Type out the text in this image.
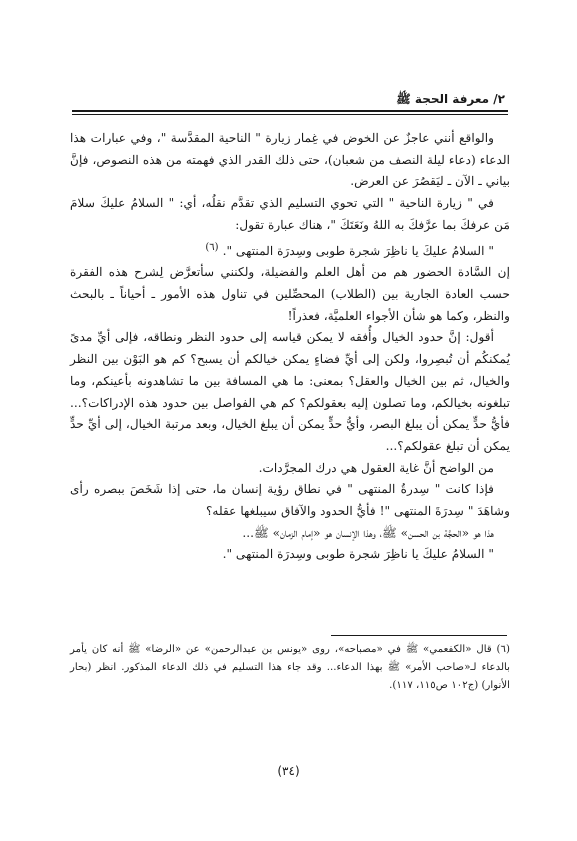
٢/ معرفة الحجة ﷺ

والواقع أنني عاجزٌ عن الخوض في غِمار زيارة " الناحية المقدَّسة "، وفي عبارات هذا الدعاء (دعاء ليلة النصف من شعبان)، حتى ذلك القدر الذي فهمته من هذه النصوص، فإنَّ بياني ـ الآن ـ ليَقصُرَ عن العرض.

في " زيارة الناحية " التي تحوي التسليم الذي تقدَّم نقلُه، أي: " السلامُ عليكَ سلامَ مَن عرفكَ بما عرَّفكَ به اللهُ ونَعَتَكَ "، هناك عبارة تقول:

" السلامُ عليكَ يا ناظِرَ شجرة طوبى وسِدرَة المنتهى ".$^{(٦)}$

إن السَّادة الحضور هم من أهل العلم والفضيلة، ولكنني سأتعرَّض لِشرح هذه الفقرة حسب العادة الجارية بين (الطلاب) المحصِّلين في تناول هذه الأمور ـ أحياناً ـ بالبحث والنظر، وكما هو شأن الأجواء العلميَّة، فعذراً!

أقول: إنَّ حدود الخيال وأُفقه لا يمكن قياسه إلى حدود النظر ونطاقه، فإلى أيِّ مدىً يُمكنكُم أن تُبصِروا، ولكن إلى أيِّ فضاءٍ يمكن خيالكم أن يسبح؟ كم هو البَوْن بين النظر والخيال، ثم بين الخيال والعقل؟ بمعنى: ما هي المسافة بين ما تشاهدونه بأعينكم، وما تبلغونه بخيالكم، وما تصلون إليه بعقولكم؟ كم هي الفواصل بين حدود هذه الإدراكات؟... فأيُّ حدٍّ يمكن أن يبلغ البصر، وأيُّ حدٍّ يمكن أن يبلغ الخيال، وبعد مرتبة الخيال، إلى أيِّ حدٍّ يمكن أن تبلغ عقولكم؟...

من الواضح أنَّ غاية العقول هي درك المجرَّدات.

فإذا كانت " سِدرةُ المنتهى " في نطاق رؤية إنسان ما، حتى إذا شَخَصَ ببصره رأى وشاهَدَ " سِدرَةَ المنتهى "! فأيُّ الحدود والآفاق سيبلغها عقله؟

هذا هو «الحجَّة بن الحسن» ﷺ، وهذا الإنسان هو «إمام الزمان» ﷺ...

" السلامُ عليكَ يا ناظِرَ شجرة طوبى وسِدرَة المنتهى ".

(٦) قال «الكفعمي» ﷺ في «مصباحه»، روى «يونس بن عبدالرحمن» عن «الرضا» ﷺ أنه كان يأمر بالدعاء لـ«صاحب الأمر» ﷺ بهذا الدعاء... وقد جاء هذا التسليم في ذلك الدعاء المذكور. انظر (بحار الأنوار) (ج١٠٢ ص١١٥، ١١٧).

(٣٤)
